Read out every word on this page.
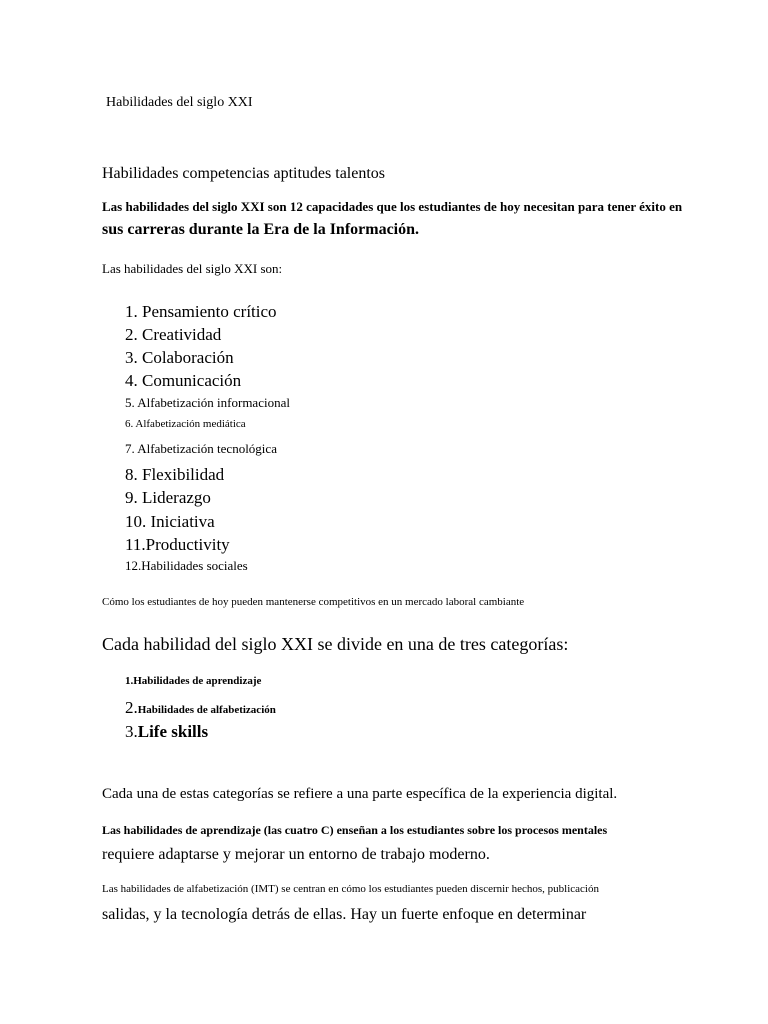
Habilidades del siglo XXI
Habilidades competencias aptitudes talentos
Las habilidades del siglo XXI son 12 capacidades que los estudiantes de hoy necesitan para tener éxito en
sus carreras durante la Era de la Información.
Las habilidades del siglo XXI son:
1. Pensamiento crítico
2. Creatividad
3. Colaboración
4. Comunicación
5. Alfabetización informacional
6. Alfabetización mediática
7. Alfabetización tecnológica
8. Flexibilidad
9. Liderazgo
10. Iniciativa
11.Productivity
12.Habilidades sociales
Cómo los estudiantes de hoy pueden mantenerse competitivos en un mercado laboral cambiante
Cada habilidad del siglo XXI se divide en una de tres categorías:
1.Habilidades de aprendizaje
2.Habilidades de alfabetización
3.Life skills
Cada una de estas categorías se refiere a una parte específica de la experiencia digital.
Las habilidades de aprendizaje (las cuatro C) enseñan a los estudiantes sobre los procesos mentales
requiere adaptarse y mejorar un entorno de trabajo moderno.
Las habilidades de alfabetización (IMT) se centran en cómo los estudiantes pueden discernir hechos, publicación
salidas, y la tecnología detrás de ellas. Hay un fuerte enfoque en determinar
